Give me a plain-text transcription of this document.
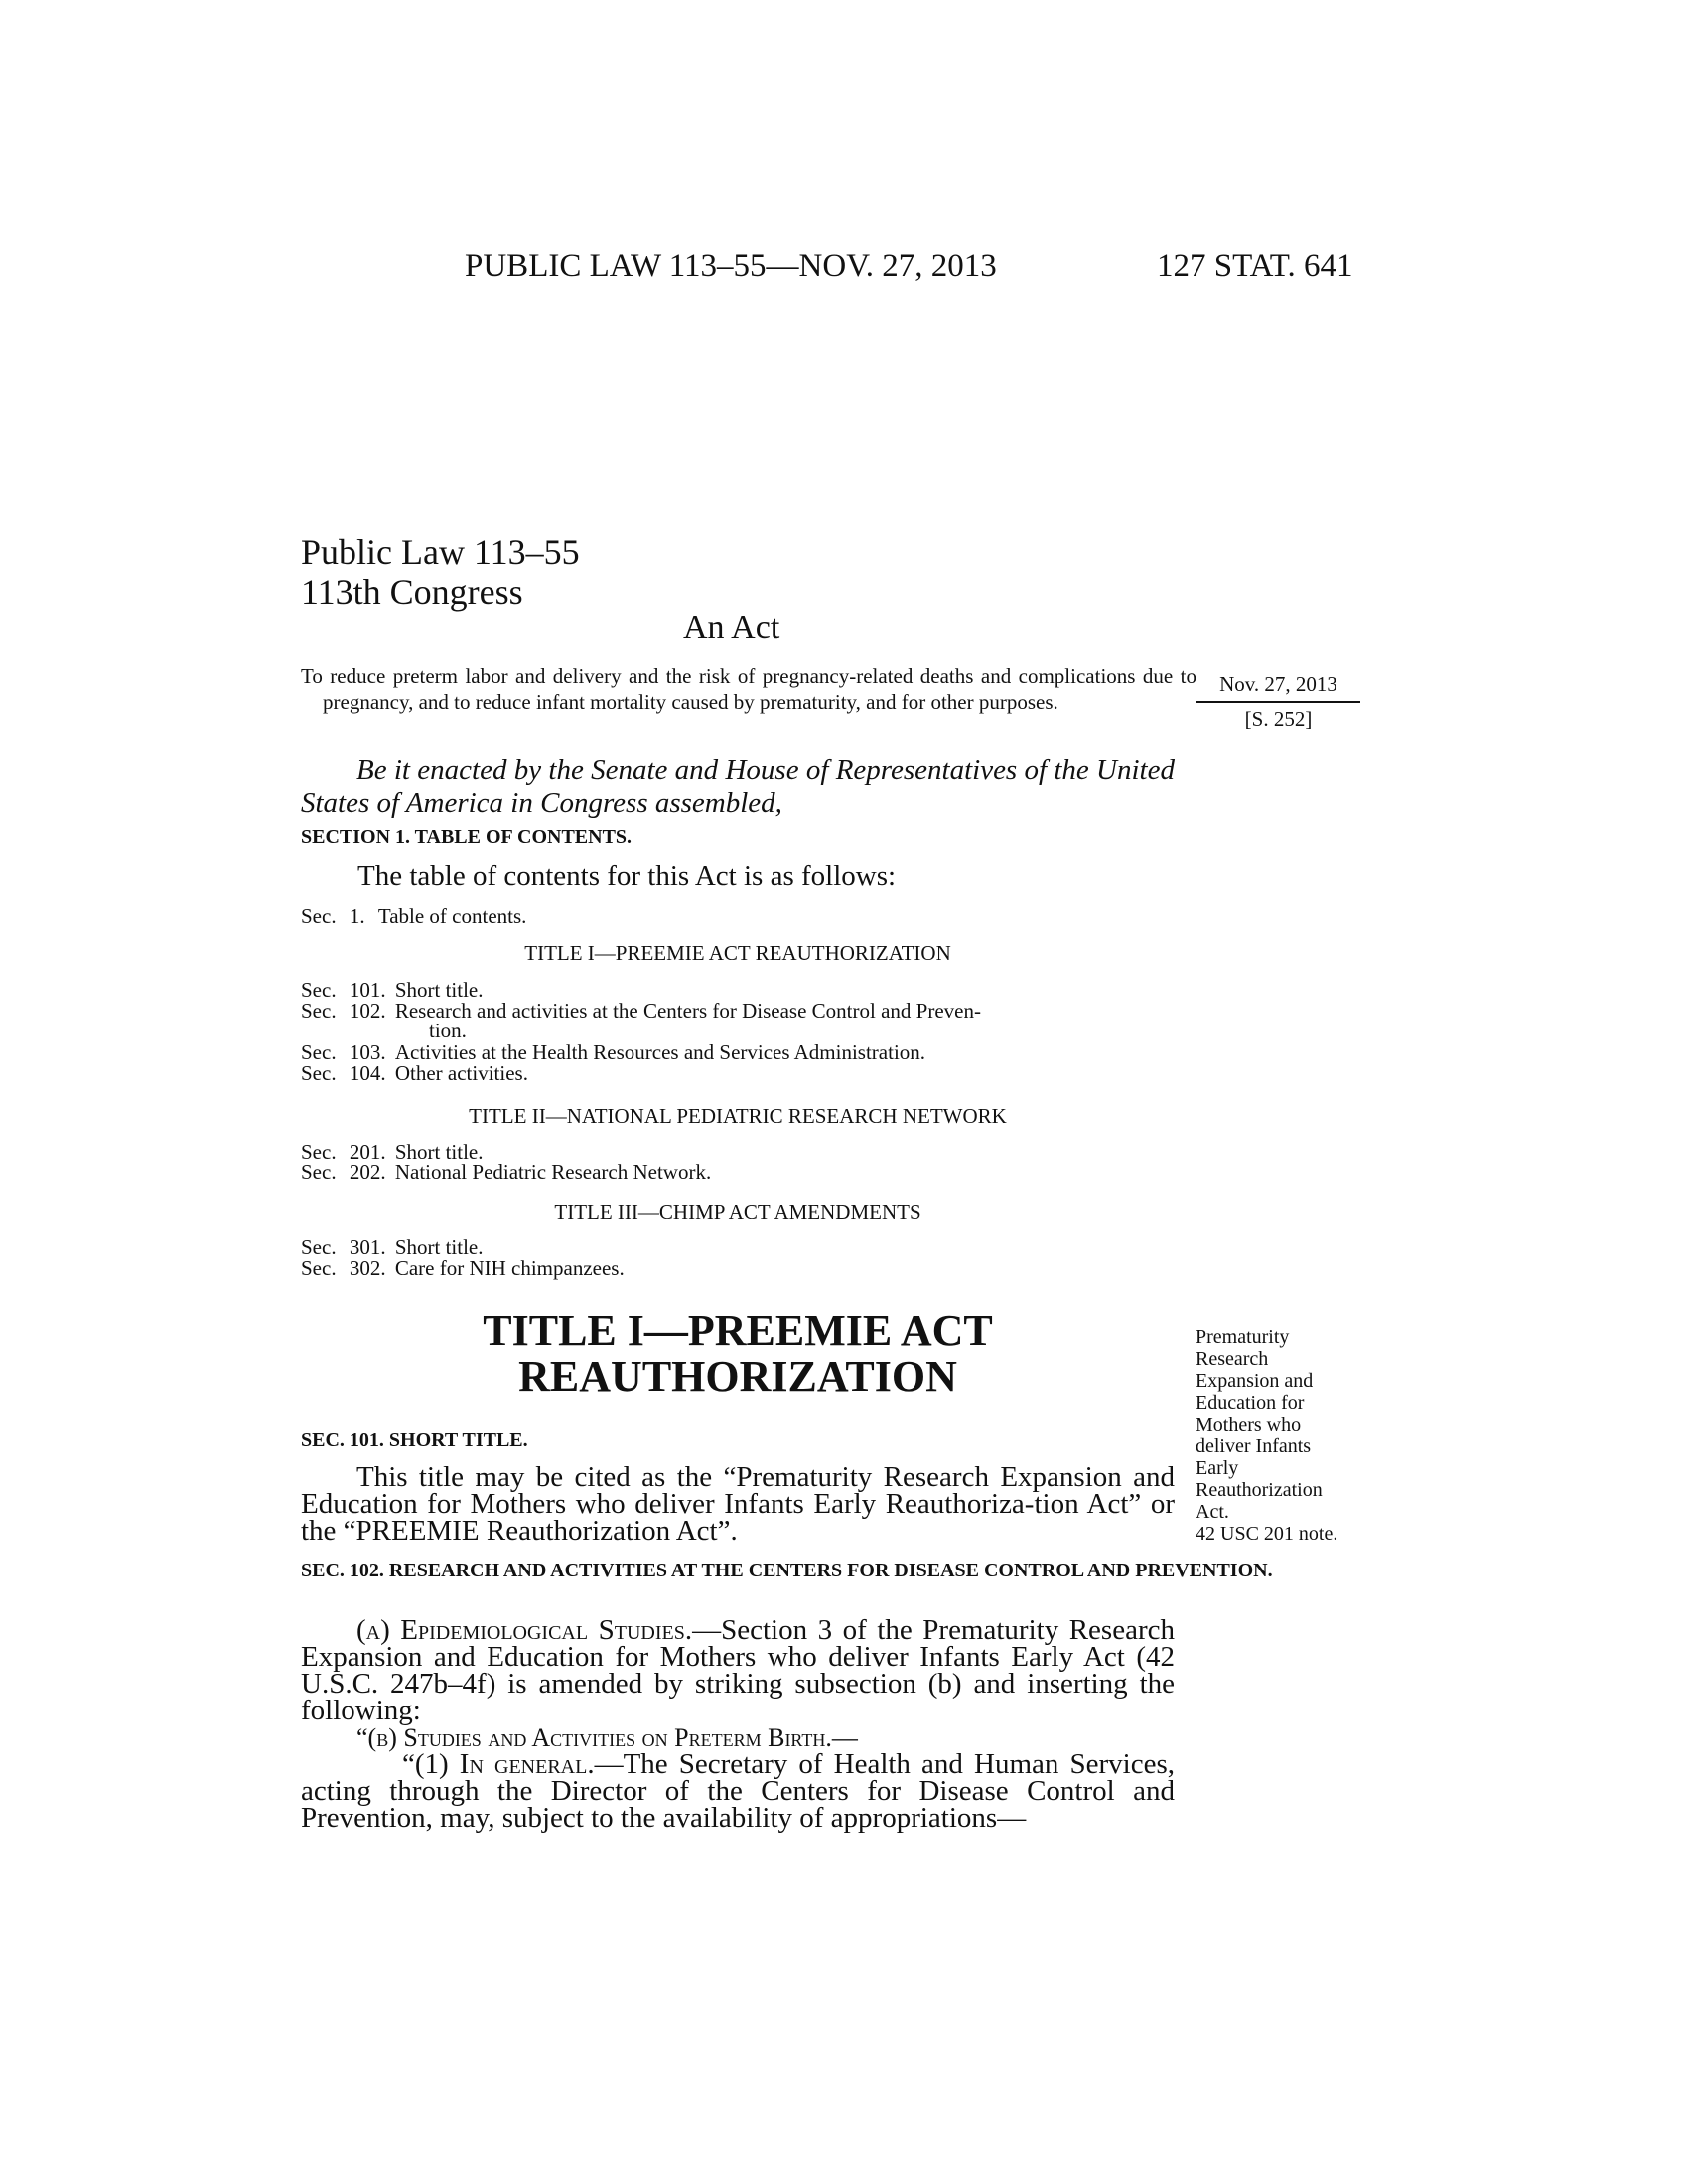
PUBLIC LAW 113–55—NOV. 27, 2013	127 STAT. 641
Public Law 113–55
113th Congress
An Act
To reduce preterm labor and delivery and the risk of pregnancy-related deaths and complications due to pregnancy, and to reduce infant mortality caused by prematurity, and for other purposes.
Nov. 27, 2013
[S. 252]
Be it enacted by the Senate and House of Representatives of the United States of America in Congress assembled,
SECTION 1. TABLE OF CONTENTS.
The table of contents for this Act is as follows:
Sec. 1. Table of contents.
TITLE I—PREEMIE ACT REAUTHORIZATION
Sec. 101. Short title.
Sec. 102. Research and activities at the Centers for Disease Control and Preven-
tion.
Sec. 103. Activities at the Health Resources and Services Administration.
Sec. 104. Other activities.
TITLE II—NATIONAL PEDIATRIC RESEARCH NETWORK
Sec. 201. Short title.
Sec. 202. National Pediatric Research Network.
TITLE III—CHIMP ACT AMENDMENTS
Sec. 301. Short title.
Sec. 302. Care for NIH chimpanzees.
TITLE I—PREEMIE ACT
REAUTHORIZATION
Prematurity
Research
Expansion and
Education for
Mothers who
deliver Infants
Early
Reauthorization
Act.
42 USC 201 note.
SEC. 101. SHORT TITLE.
This title may be cited as the “Prematurity Research Expansion and Education for Mothers who deliver Infants Early Reauthoriza-tion Act” or the “PREEMIE Reauthorization Act”.
SEC. 102. RESEARCH AND ACTIVITIES AT THE CENTERS FOR DISEASE CONTROL AND PREVENTION.
(a) Epidemiological Studies.—Section 3 of the Prematurity Research Expansion and Education for Mothers who deliver Infants Early Act (42 U.S.C. 247b–4f) is amended by striking subsection (b) and inserting the following:
“(b) Studies and Activities on Preterm Birth.—
“(1) In general.—The Secretary of Health and Human Services, acting through the Director of the Centers for Disease Control and Prevention, may, subject to the availability of appropriations—
